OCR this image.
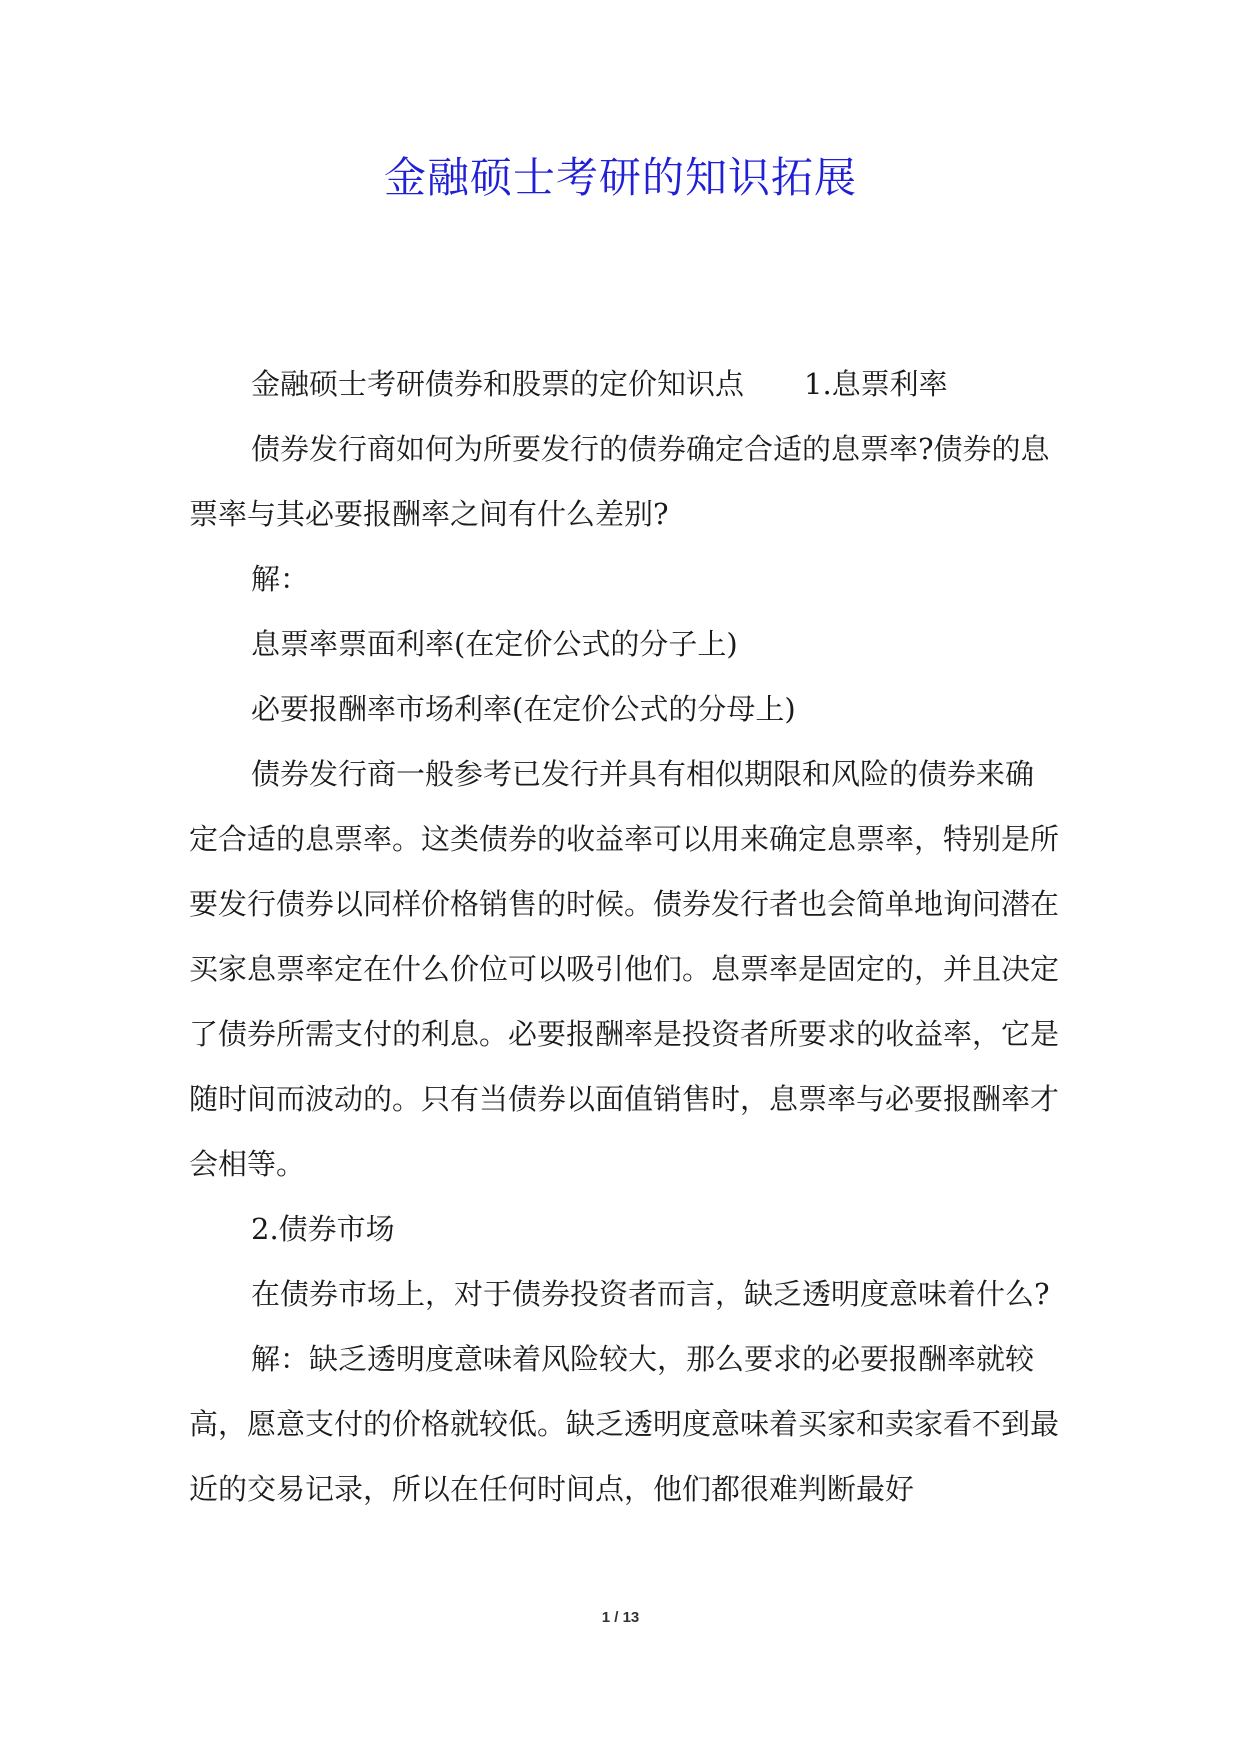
金融硕士考研的知识拓展

金融硕士考研债券和股票的定价知识点 1.息票利率

债券发行商如何为所要发行的债券确定合适的息票率?债券的息票率与其必要报酬率之间有什么差别?

解：

息票率票面利率(在定价公式的分子上)

必要报酬率市场利率(在定价公式的分母上)

债券发行商一般参考已发行并具有相似期限和风险的债券来确定合适的息票率。这类债券的收益率可以用来确定息票率，特别是所要发行债券以同样价格销售的时候。债券发行者也会简单地询问潜在买家息票率定在什么价位可以吸引他们。息票率是固定的，并且决定了债券所需支付的利息。必要报酬率是投资者所要求的收益率，它是随时间而波动的。只有当债券以面值销售时，息票率与必要报酬率才会相等。

2.债券市场

在债券市场上，对于债券投资者而言，缺乏透明度意味着什么?

解：缺乏透明度意味着风险较大，那么要求的必要报酬率就较高，愿意支付的价格就较低。缺乏透明度意味着买家和卖家看不到最近的交易记录，所以在任何时间点，他们都很难判断最好

1 / 13
